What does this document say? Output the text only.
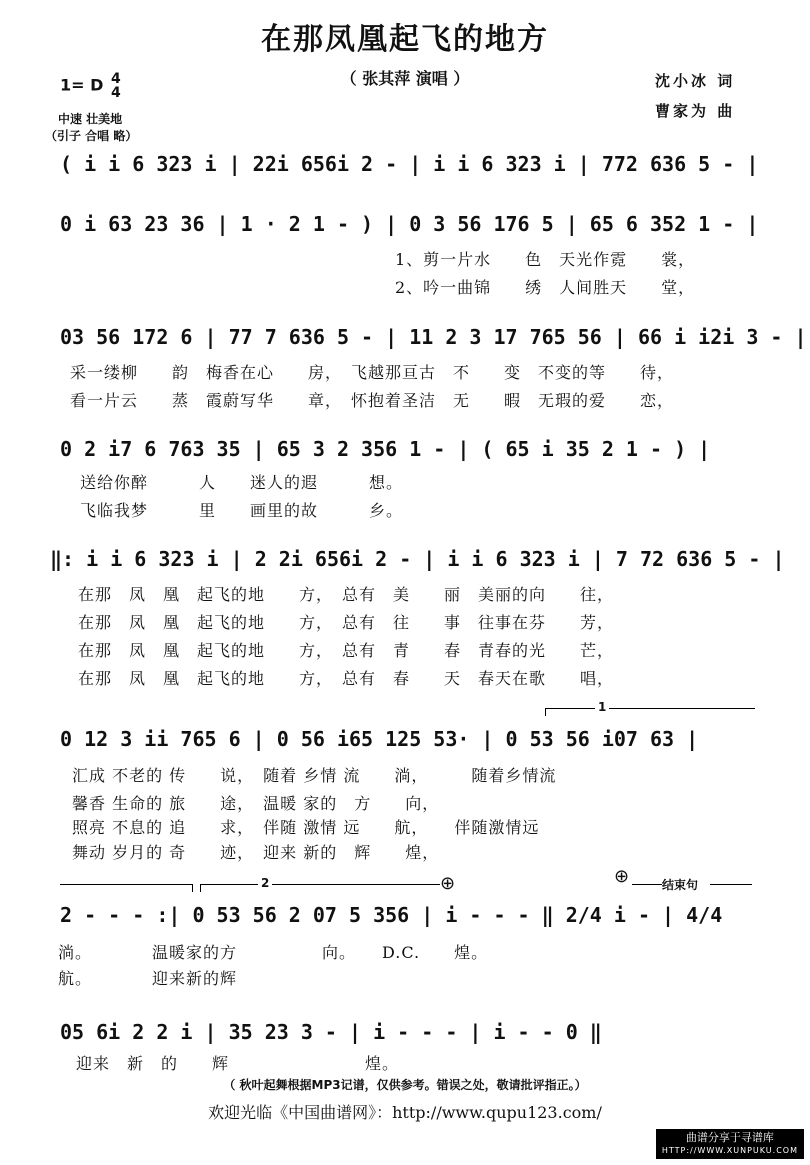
在那凤凰起飞的地方
（ 张其萍 演唱 ）	沈小冰 词
曹家为 曲
1= D 4
4
中速 壮美地
（引子 合唱 略）
( i i 6 323 i | 22i 656i 2 - | i i 6 323 i | 772 636 5 - |
0 i 63 23 36 | 1 · 2 1 - ) | 0 3 56 176 5 | 65 6 352 1 - |
1、剪一片水　　色　天光作霓　　裳，
2、吟一曲锦　　绣　人间胜天　　堂，
03 56 172 6 | 77 7 636 5 - | 11 2 3 17 765 56 | 66 i i2i 3 - |
采一缕柳　　韵　梅香在心　　房，　飞越那亘古　不　　变　不变的等　　待，
看一片云　　蒸　霞蔚写华　　章，　怀抱着圣洁　无　　暇　无瑕的爱　　恋，
0 2 i7 6 763 35 | 65 3 2 356 1 - | ( 65 i 35 2 1 - ) |
送给你醉　　　人　　迷人的遐　　　想。
飞临我梦　　　里　　画里的故　　　乡。
‖: i i 6 323 i | 2 2i 656i 2 - | i i 6 323 i | 7 72 636 5 - |
在那　凤　凰　起飞的地　　方，　总有　美　　丽　美丽的向　　往，
在那　凤　凰　起飞的地　　方，　总有　往　　事　往事在芬　　芳，
在那　凤　凰　起飞的地　　方，　总有　青　　春　青春的光　　芒，
在那　凤　凰　起飞的地　　方，　总有　春　　天　春天在歌　　唱，
1
0 12 3 ii 765 6 | 0 56 i65 125 53· | 0 53 56 i07 63 |
汇成 不老的 传　　说，　随着 乡情 流　　淌，　　　随着乡情流
馨香 生命的 旅　　途，　温暖 家的　方　　向，
照亮 不息的 追　　求，　伴随 激情 远　　航，　　伴随激情远
舞动 岁月的 奇　　迹，　迎来 新的　辉　　煌，
2	⊕	⊕	结束句
2 - - - :| 0 53 56 2 07 5 356 | i - - - ‖ 2/4 i - | 4/4
淌。　　　　温暖家的方　　　　　向。　　D.C.　　煌。
航。　　　　迎来新的辉
05 6i 2 2 i | 35 23 3 - | i - - - | i - - 0 ‖
迎来　新　的　　辉　　　　　　　　煌。
（ 秋叶起舞根据MP3记谱，仅供参考。错误之处，敬请批评指正。）
欢迎光临《中国曲谱网》：http://www.qupu123.com/
曲谱分享于寻谱库
HTTP://WWW.XUNPUKU.COM
